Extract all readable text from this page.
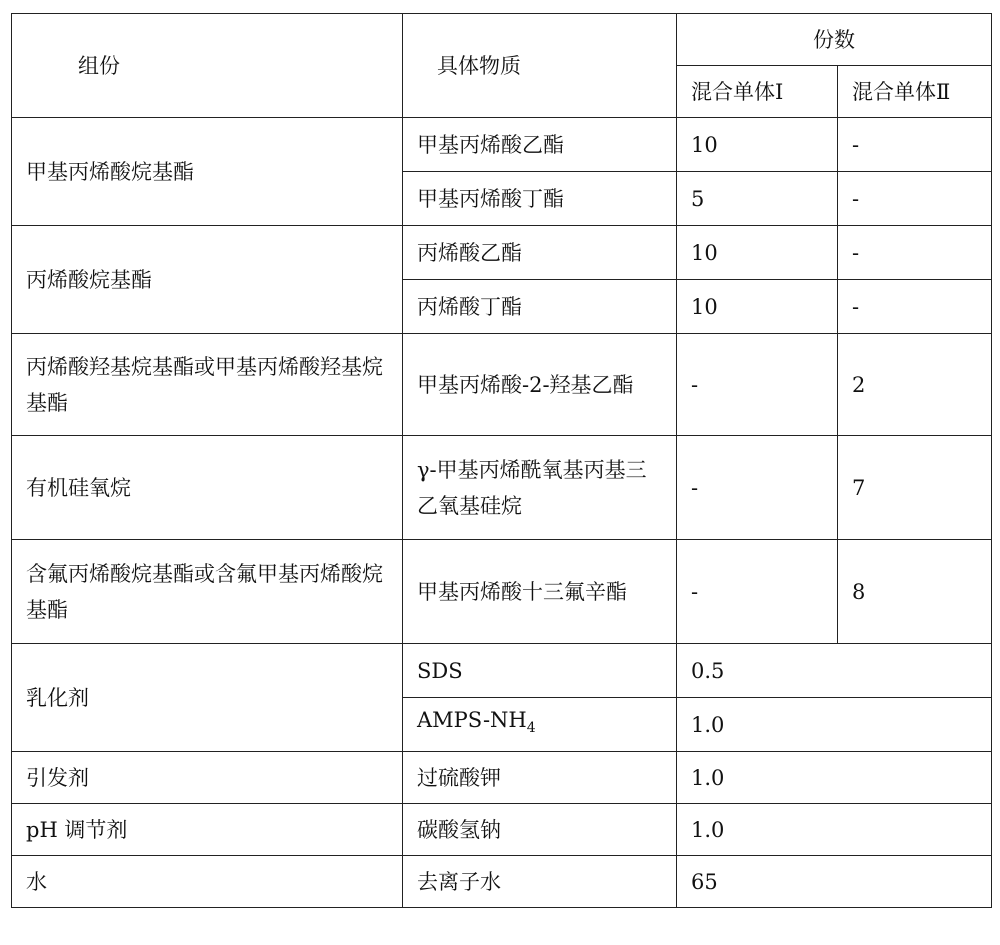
组份	具体物质	份数	
		混合单体Ⅰ	混合单体Ⅱ
甲基丙烯酸烷基酯	甲基丙烯酸乙酯	10	-
	甲基丙烯酸丁酯	5	-
丙烯酸烷基酯	丙烯酸乙酯	10	-
	丙烯酸丁酯	10	-
丙烯酸羟基烷基酯或甲基丙烯酸羟基烷基酯	甲基丙烯酸-2-羟基乙酯	-	2
有机硅氧烷	γ-甲基丙烯酰氧基丙基三乙氧基硅烷	-	7
含氟丙烯酸烷基酯或含氟甲基丙烯酸烷基酯	甲基丙烯酸十三氟辛酯	-	8
乳化剂	SDS	0.5	
	AMPS-$NH_4$	1.0	
引发剂	过硫酸钾	1.0	
pH 调节剂	碳酸氢钠	1.0	
水	去离子水	65	
